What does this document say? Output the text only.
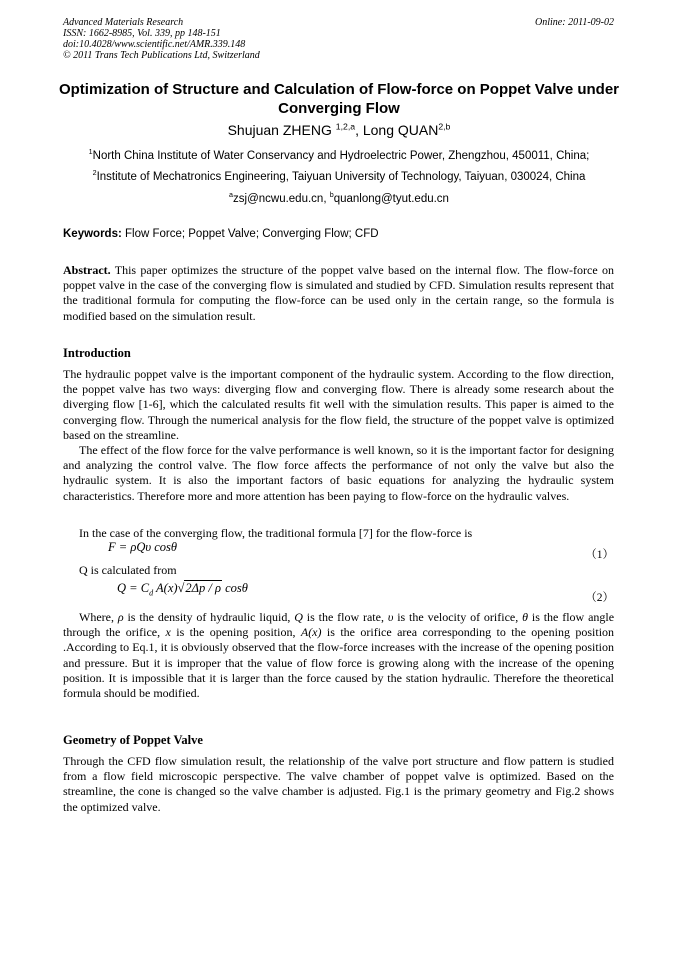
Advanced Materials Research
ISSN: 1662-8985, Vol. 339, pp 148-151
doi:10.4028/www.scientific.net/AMR.339.148
© 2011 Trans Tech Publications Ltd, Switzerland
Online: 2011-09-02
Optimization of Structure and Calculation of Flow-force on Poppet Valve under Converging Flow
Shujuan ZHENG $^{1,2,a}$, Long QUAN$^{2,b}$
$^1$North China Institute of Water Conservancy and Hydroelectric Power, Zhengzhou, 450011, China;
$^2$Institute of Mechatronics Engineering, Taiyuan University of Technology, Taiyuan, 030024, China
$^a$zsj@ncwu.edu.cn, $^b$quanlong@tyut.edu.cn
Keywords: Flow Force; Poppet Valve; Converging Flow; CFD
Abstract. This paper optimizes the structure of the poppet valve based on the internal flow. The flow-force on poppet valve in the case of the converging flow is simulated and studied by CFD. Simulation results represent that the traditional formula for computing the flow-force can be used only in the certain range, so the formula is modified based on the simulation result.
Introduction
The hydraulic poppet valve is the important component of the hydraulic system. According to the flow direction, the poppet valve has two ways: diverging flow and converging flow. There is already some research about the diverging flow [1-6], which the calculated results fit well with the simulation results. This paper is aimed to the converging flow. Through the numerical analysis for the flow field, the structure of the poppet valve is optimized based on the streamline.
The effect of the flow force for the valve performance is well known, so it is the important factor for designing and analyzing the control valve. The flow force affects the performance of not only the valve but also the hydraulic system. It is also the important factors of basic equations for analyzing the hydraulic system characteristics. Therefore more and more attention has been paying to flow-force on the hydraulic valves.
In the case of the converging flow, the traditional formula [7] for the flow-force is
F = ρQυ cosθ
（1）
Q is calculated from
$Q = C_d$ A(x)√2Δp / ρ cosθ
（2）
Where, ρ is the density of hydraulic liquid, Q is the flow rate, υ is the velocity of orifice, θ is the flow angle through the orifice, x is the opening position, A(x) is the orifice area corresponding to the opening position .According to Eq.1, it is obviously observed that the flow-force increases with the increase of the opening position and pressure. But it is improper that the value of flow force is growing along with the increase of the opening position. It is impossible that it is larger than the force caused by the station hydraulic. Therefore the theoretical formula should be modified.
Geometry of Poppet Valve
Through the CFD flow simulation result, the relationship of the valve port structure and flow pattern is studied from a flow field microscopic perspective. The valve chamber of poppet valve is optimized. Based on the streamline, the cone is changed so the valve chamber is adjusted. Fig.1 is the primary geometry and Fig.2 shows the optimized valve.
